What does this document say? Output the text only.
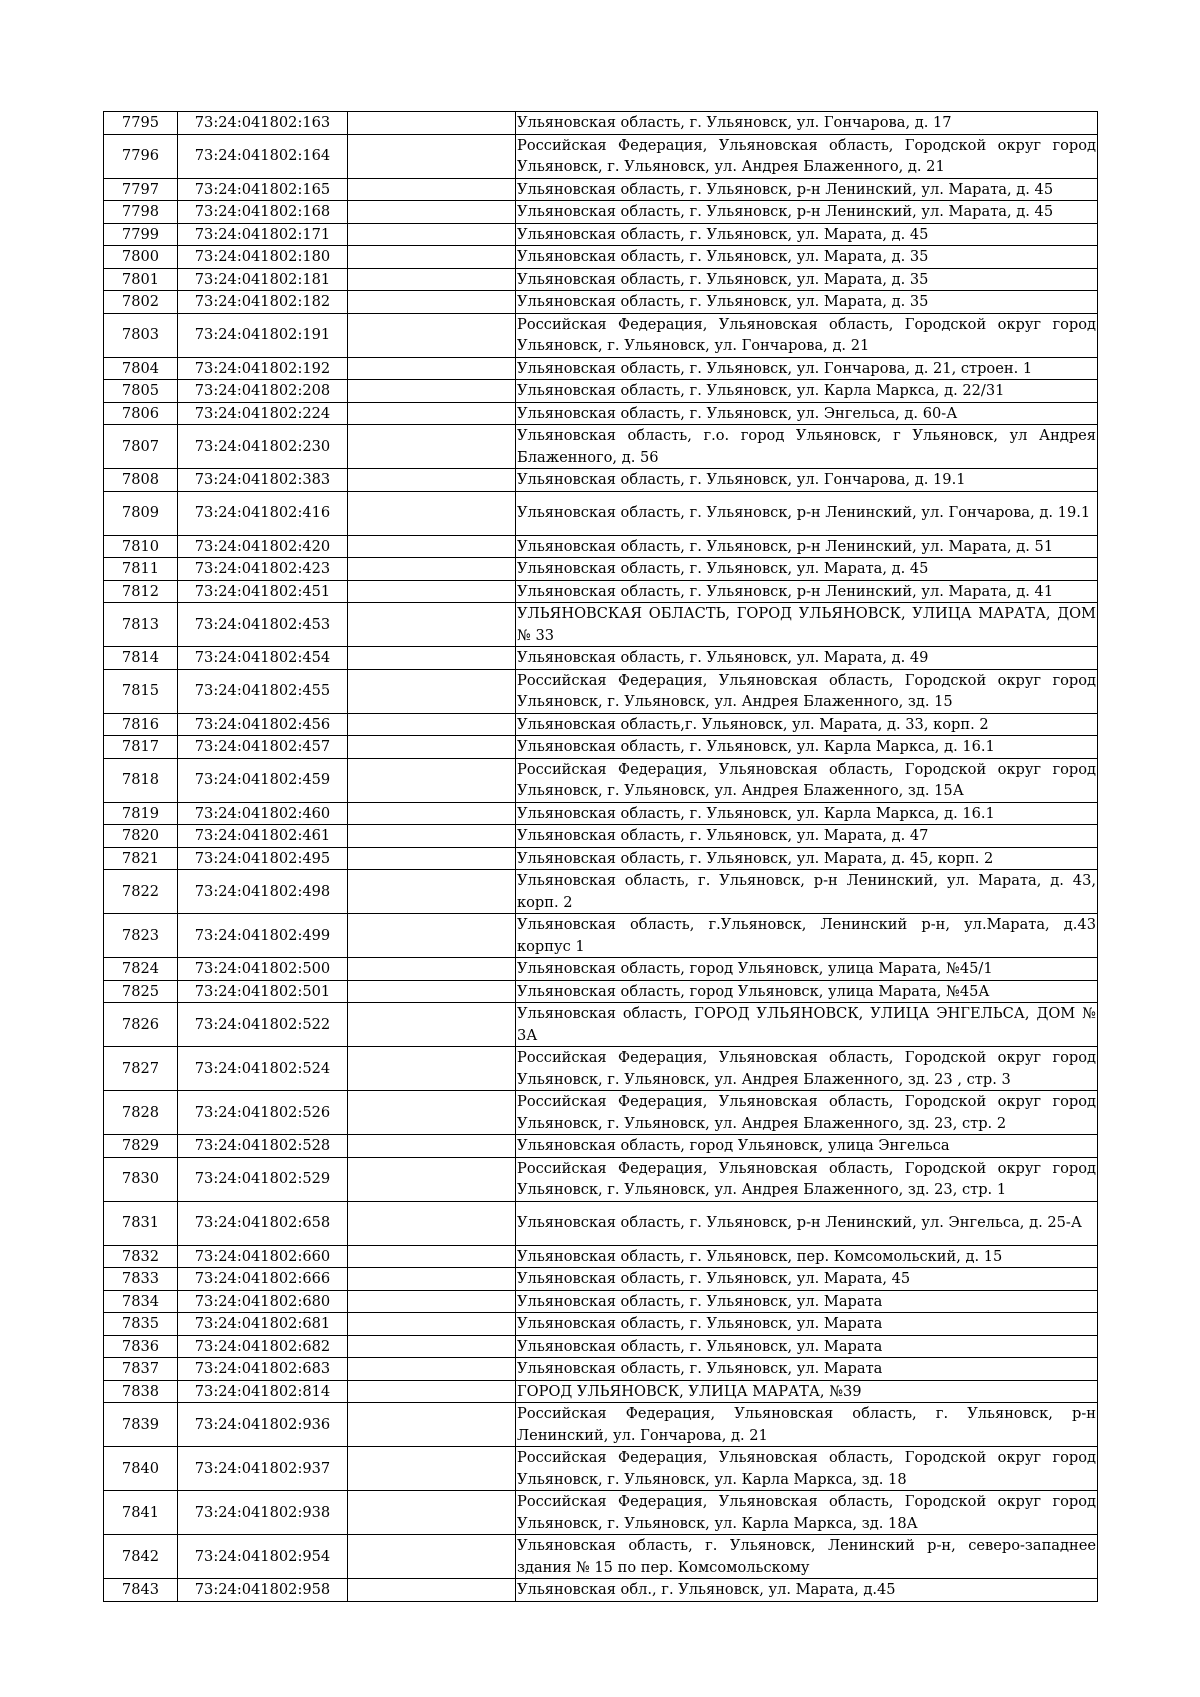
7795	73:24:041802:163		Ульяновская область, г. Ульяновск, ул. Гончарова, д. 17
7796	73:24:041802:164		Российская Федерация, Ульяновская область, Городской округ город Ульяновск, г. Ульяновск, ул. Андрея Блаженного, д. 21
7797	73:24:041802:165		Ульяновская область, г. Ульяновск, р-н Ленинский, ул. Марата, д. 45
7798	73:24:041802:168		Ульяновская область, г. Ульяновск, р-н Ленинский, ул. Марата, д. 45
7799	73:24:041802:171		Ульяновская область, г. Ульяновск, ул. Марата, д. 45
7800	73:24:041802:180		Ульяновская область, г. Ульяновск, ул. Марата, д. 35
7801	73:24:041802:181		Ульяновская область, г. Ульяновск, ул. Марата, д. 35
7802	73:24:041802:182		Ульяновская область, г. Ульяновск, ул. Марата, д. 35
7803	73:24:041802:191		Российская Федерация, Ульяновская область, Городской округ город Ульяновск, г. Ульяновск, ул. Гончарова, д. 21
7804	73:24:041802:192		Ульяновская область, г. Ульяновск, ул. Гончарова, д. 21, строен. 1
7805	73:24:041802:208		Ульяновская область, г. Ульяновск, ул. Карла Маркса, д. 22/31
7806	73:24:041802:224		Ульяновская область, г. Ульяновск, ул. Энгельса, д. 60-А
7807	73:24:041802:230		Ульяновская область, г.о. город Ульяновск, г Ульяновск, ул Андрея Блаженного, д. 56
7808	73:24:041802:383		Ульяновская область, г. Ульяновск, ул. Гончарова, д. 19.1
7809	73:24:041802:416		Ульяновская область, г. Ульяновск, р-н Ленинский, ул. Гончарова, д. 19.1
7810	73:24:041802:420		Ульяновская область, г. Ульяновск, р-н Ленинский, ул. Марата, д. 51
7811	73:24:041802:423		Ульяновская область, г. Ульяновск, ул. Марата, д. 45
7812	73:24:041802:451		Ульяновская область, г. Ульяновск, р-н Ленинский, ул. Марата, д. 41
7813	73:24:041802:453		УЛЬЯНОВСКАЯ ОБЛАСТЬ, ГОРОД УЛЬЯНОВСК, УЛИЦА МАРАТА, ДОМ № 33
7814	73:24:041802:454		Ульяновская область, г. Ульяновск, ул. Марата, д. 49
7815	73:24:041802:455		Российская Федерация, Ульяновская область, Городской округ город Ульяновск, г. Ульяновск, ул. Андрея Блаженного, зд. 15
7816	73:24:041802:456		Ульяновская область,г. Ульяновск, ул. Марата, д. 33, корп. 2
7817	73:24:041802:457		Ульяновская область, г. Ульяновск, ул. Карла Маркса, д. 16.1
7818	73:24:041802:459		Российская Федерация, Ульяновская область, Городской округ город Ульяновск, г. Ульяновск, ул. Андрея Блаженного, зд. 15А
7819	73:24:041802:460		Ульяновская область, г. Ульяновск, ул. Карла Маркса, д. 16.1
7820	73:24:041802:461		Ульяновская область, г. Ульяновск, ул. Марата, д. 47
7821	73:24:041802:495		Ульяновская область, г. Ульяновск, ул. Марата, д. 45, корп. 2
7822	73:24:041802:498		Ульяновская область, г. Ульяновск, р-н Ленинский, ул. Марата, д. 43, корп. 2
7823	73:24:041802:499		Ульяновская область, г.Ульяновск, Ленинский р-н, ул.Марата, д.43 корпус 1
7824	73:24:041802:500		Ульяновская область, город Ульяновск, улица Марата, №45/1
7825	73:24:041802:501		Ульяновская область, город Ульяновск, улица Марата, №45А
7826	73:24:041802:522		Ульяновская область, ГОРОД УЛЬЯНОВСК, УЛИЦА ЭНГЕЛЬСА, ДОМ № 3А
7827	73:24:041802:524		Российская Федерация, Ульяновская область, Городской округ город Ульяновск, г. Ульяновск, ул. Андрея Блаженного, зд. 23 , стр. 3
7828	73:24:041802:526		Российская Федерация, Ульяновская область, Городской округ город Ульяновск, г. Ульяновск, ул. Андрея Блаженного, зд. 23, стр. 2
7829	73:24:041802:528		Ульяновская область, город Ульяновск, улица Энгельса
7830	73:24:041802:529		Российская Федерация, Ульяновская область, Городской округ город Ульяновск, г. Ульяновск, ул. Андрея Блаженного, зд. 23, стр. 1
7831	73:24:041802:658		Ульяновская область, г. Ульяновск, р-н Ленинский, ул. Энгельса, д. 25-А
7832	73:24:041802:660		Ульяновская область, г. Ульяновск, пер. Комсомольский, д. 15
7833	73:24:041802:666		Ульяновская область, г. Ульяновск, ул. Марата, 45
7834	73:24:041802:680		Ульяновская область, г. Ульяновск, ул. Марата
7835	73:24:041802:681		Ульяновская область, г. Ульяновск, ул. Марата
7836	73:24:041802:682		Ульяновская область, г. Ульяновск, ул. Марата
7837	73:24:041802:683		Ульяновская область, г. Ульяновск, ул. Марата
7838	73:24:041802:814		ГОРОД УЛЬЯНОВСК, УЛИЦА МАРАТА, №39
7839	73:24:041802:936		Российская Федерация, Ульяновская область, г. Ульяновск, р-н Ленинский, ул. Гончарова, д. 21
7840	73:24:041802:937		Российская Федерация, Ульяновская область, Городской округ город Ульяновск, г. Ульяновск, ул. Карла Маркса, зд. 18
7841	73:24:041802:938		Российская Федерация, Ульяновская область, Городской округ город Ульяновск, г. Ульяновск, ул. Карла Маркса, зд. 18А
7842	73:24:041802:954		Ульяновская область, г. Ульяновск, Ленинский р-н, северо-западнее здания № 15 по пер. Комсомольскому
7843	73:24:041802:958		Ульяновская обл., г. Ульяновск, ул. Марата, д.45
